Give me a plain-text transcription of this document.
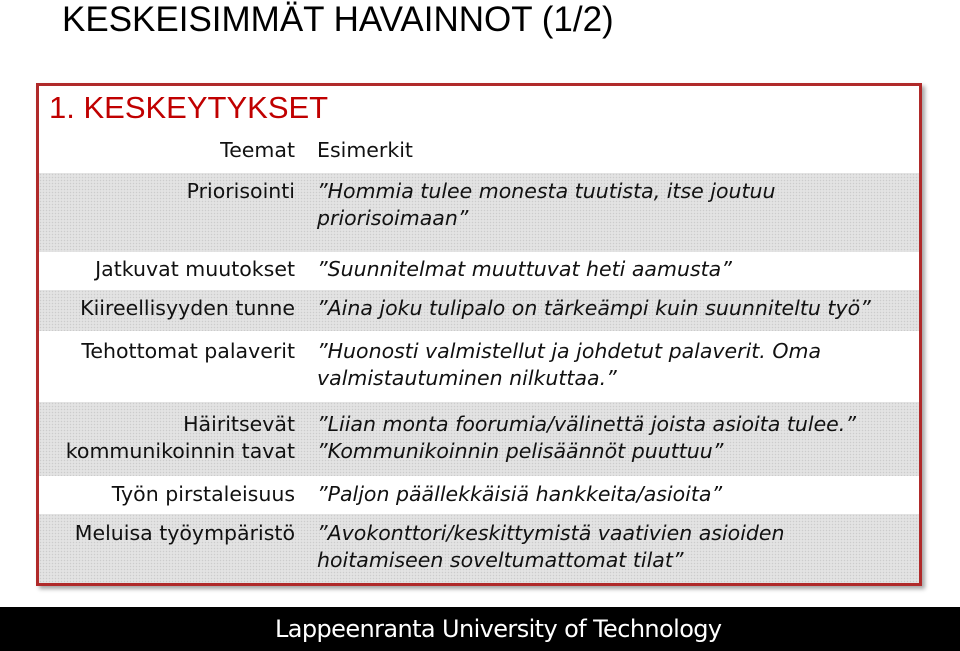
KESKEISIMMÄT HAVAINNOT (1/2)
1. KESKEYTYKSET
Teemat Esimerkit
Priorisointi ”Hommia tulee monesta tuutista, itse joutuu
priorisoimaan”
Jatkuvat muutokset ”Suunnitelmat muuttuvat heti aamusta”
Kiireellisyyden tunne ”Aina joku tulipalo on tärkeämpi kuin suunniteltu työ”
Tehottomat palaverit ”Huonosti valmistellut ja johdetut palaverit. Oma
valmistautuminen nilkuttaa.”
Häiritsevät
kommunikoinnin tavat
”Liian monta foorumia/välinettä joista asioita tulee.”
”Kommunikoinnin pelisäännöt puuttuu”
Työn pirstaleisuus ”Paljon päällekkäisiä hankkeita/asioita”
Meluisa työympäristö ”Avokonttori/keskittymistä vaativien asioiden
hoitamiseen soveltumattomat tilat”
Lappeenranta University of Technology
